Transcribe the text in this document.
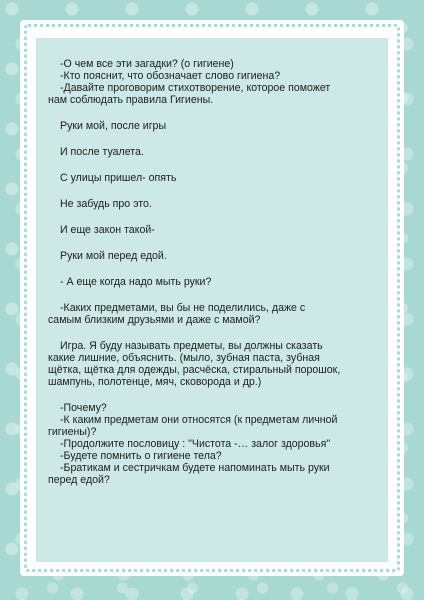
-О чем все эти загадки? (о гигиене)

-Кто пояснит, что обозначает слово гигиена?

-Давайте проговорим стихотворение, которое поможет

нам соблюдать правила Гигиены.

Руки мой, после игры

И после туалета.

С улицы пришел- опять

Не забудь про это.

И еще закон такой-

Руки мой перед едой.

- А еще когда надо мыть руки?

-Каких предметами, вы бы не поделились, даже с

самым близким друзьями и даже с мамой?

Игра. Я буду называть предметы, вы должны сказать

какие лишние, объяснить. (мыло, зубная паста, зубная

щётка, щётка для одежды, расчёска, стиральный порошок,

шампунь, полотенце, мяч, сковорода и др.)

-Почему?

-К каким предметам они относятся (к предметам личной

гигиены)?

-Продолжите пословицу : "Чистота -… залог здоровья"

-Будете помнить о гигиене тела?

-Братикам и сестричкам будете напоминать мыть руки

перед едой?
